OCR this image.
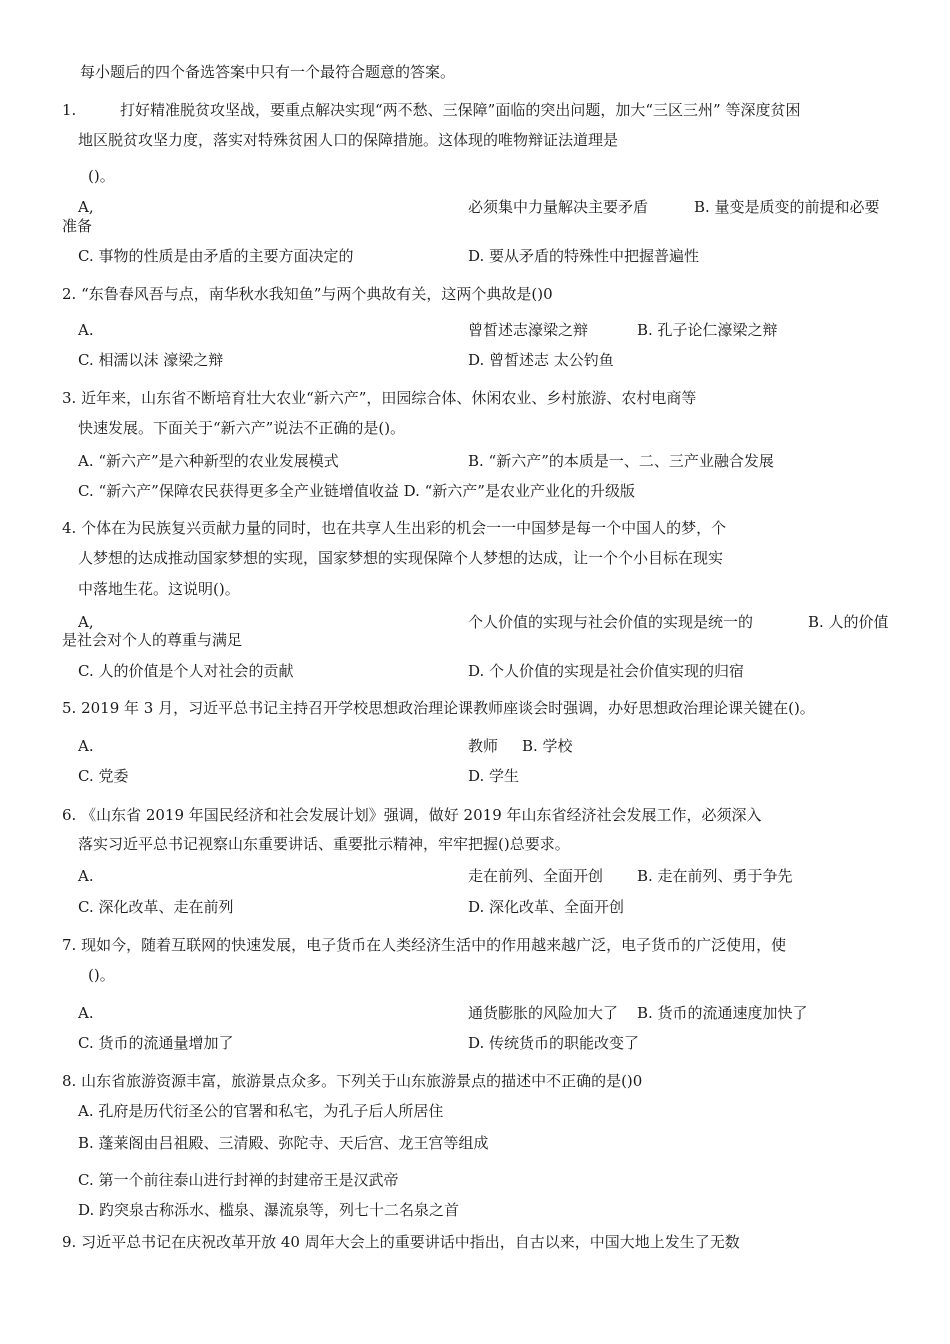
每小题后的四个备选答案中只有一个最符合题意的答案。
1.	打好精准脱贫攻坚战，要重点解决实现“两不愁、三保障”面临的突出问题，加大“三区三州” 等深度贫困
地区脱贫攻坚力度，落实对特殊贫困人口的保障措施。这体现的唯物辩证法道理是
()。
A,	必须集中力量解决主要矛盾	B. 量变是质变的前提和必要
准备
C. 事物的性质是由矛盾的主要方面决定的	D. 要从矛盾的特殊性中把握普遍性
2. “东鲁春风吾与点，南华秋水我知鱼”与两个典故有关，这两个典故是()0
A.	曾皙述志濠梁之辩	B. 孔子论仁濠梁之辩
C. 相濡以沫 濠梁之辩	D. 曾皙述志 太公钓鱼
3. 近年来，山东省不断培育壮大农业“新六产”，田园综合体、休闲农业、乡村旅游、农村电商等
快速发展。下面关于“新六产”说法不正确的是()。
A. “新六产”是六种新型的农业发展模式	B. “新六产”的本质是一、二、三产业融合发展
C. “新六产”保障农民获得更多全产业链增值收益 D. “新六产”是农业产业化的升级版
4. 个体在为民族复兴贡献力量的同时，也在共享人生出彩的机会一一中国梦是每一个中国人的梦，个
人梦想的达成推动国家梦想的实现，国家梦想的实现保障个人梦想的达成，让一个个小目标在现实
中落地生花。这说明()。
A,	个人价值的实现与社会价值的实现是统一的	B. 人的价值
是社会对个人的尊重与满足
C. 人的价值是个人对社会的贡献	D. 个人价值的实现是社会价值实现的归宿
5. 2019 年 3 月，习近平总书记主持召开学校思想政治理论课教师座谈会时强调，办好思想政治理论课关键在()。
A.	教师 B. 学校
C. 党委	D. 学生
6. 《山东省 2019 年国民经济和社会发展计划》强调，做好 2019 年山东省经济社会发展工作，必须深入
落实习近平总书记视察山东重要讲话、重要批示精神，牢牢把握()总要求。
A.	走在前列、全面开创 B. 走在前列、勇于争先
C. 深化改革、走在前列	D. 深化改革、全面开创
7. 现如今，随着互联网的快速发展，电子货币在人类经济生活中的作用越来越广泛，电子货币的广泛使用，使
()。
A.	通货膨胀的风险加大了 B. 货币的流通速度加快了
C. 货币的流通量增加了	D. 传统货币的职能改变了
8. 山东省旅游资源丰富，旅游景点众多。下列关于山东旅游景点的描述中不正确的是()0
A. 孔府是历代衍圣公的官署和私宅，为孔子后人所居住
B. 蓬莱阁由吕祖殿、三清殿、弥陀寺、天后宫、龙王宫等组成
C. 第一个前往泰山进行封禅的封建帝王是汉武帝
D. 趵突泉古称泺水、槛泉、瀑流泉等，列七十二名泉之首
9. 习近平总书记在庆祝改革开放 40 周年大会上的重要讲话中指出，自古以来，中国大地上发生了无数
